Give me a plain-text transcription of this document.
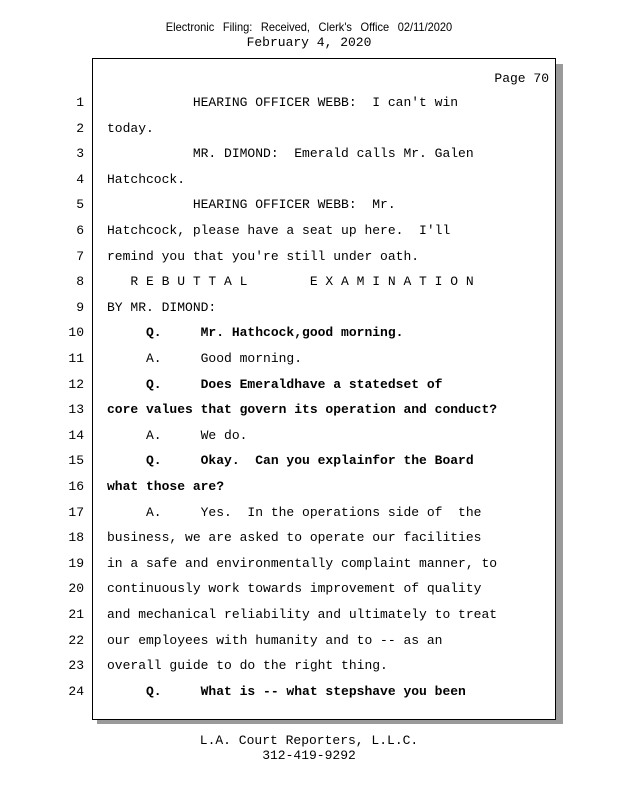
Electronic Filing: Received, Clerk's Office 02/11/2020
February 4, 2020
Page 70
1 HEARING OFFICER WEBB:  I can't win
2 today.
3 MR. DIMOND:  Emerald calls Mr. Galen
4 Hatchcock.
5 HEARING OFFICER WEBB:  Mr.
6 Hatchcock, please have a seat up here.  I'll
7 remind you that you're still under oath.
8 R E B U T T A L        E X A M I N A T I O N
9 BY MR. DIMOND:
10 Q.     Mr. Hathcock,good morning.
11 A.     Good morning.
12 Q.     Does Emeraldhave a statedset of
13 core values that govern its operation and conduct?
14 A.     We do.
15 Q.     Okay.  Can you explainfor the Board
16 what those are?
17 A.     Yes.  In the operations side of  the
18 business, we are asked to operate our facilities
19 in a safe and environmentally complaint manner, to
20 continuously work towards improvement of quality
21 and mechanical reliability and ultimately to treat
22 our employees with humanity and to -- as an
23 overall guide to do the right thing.
24 Q.     What is -- what stepshave you been
L.A. Court Reporters, L.L.C.
312-419-9292
